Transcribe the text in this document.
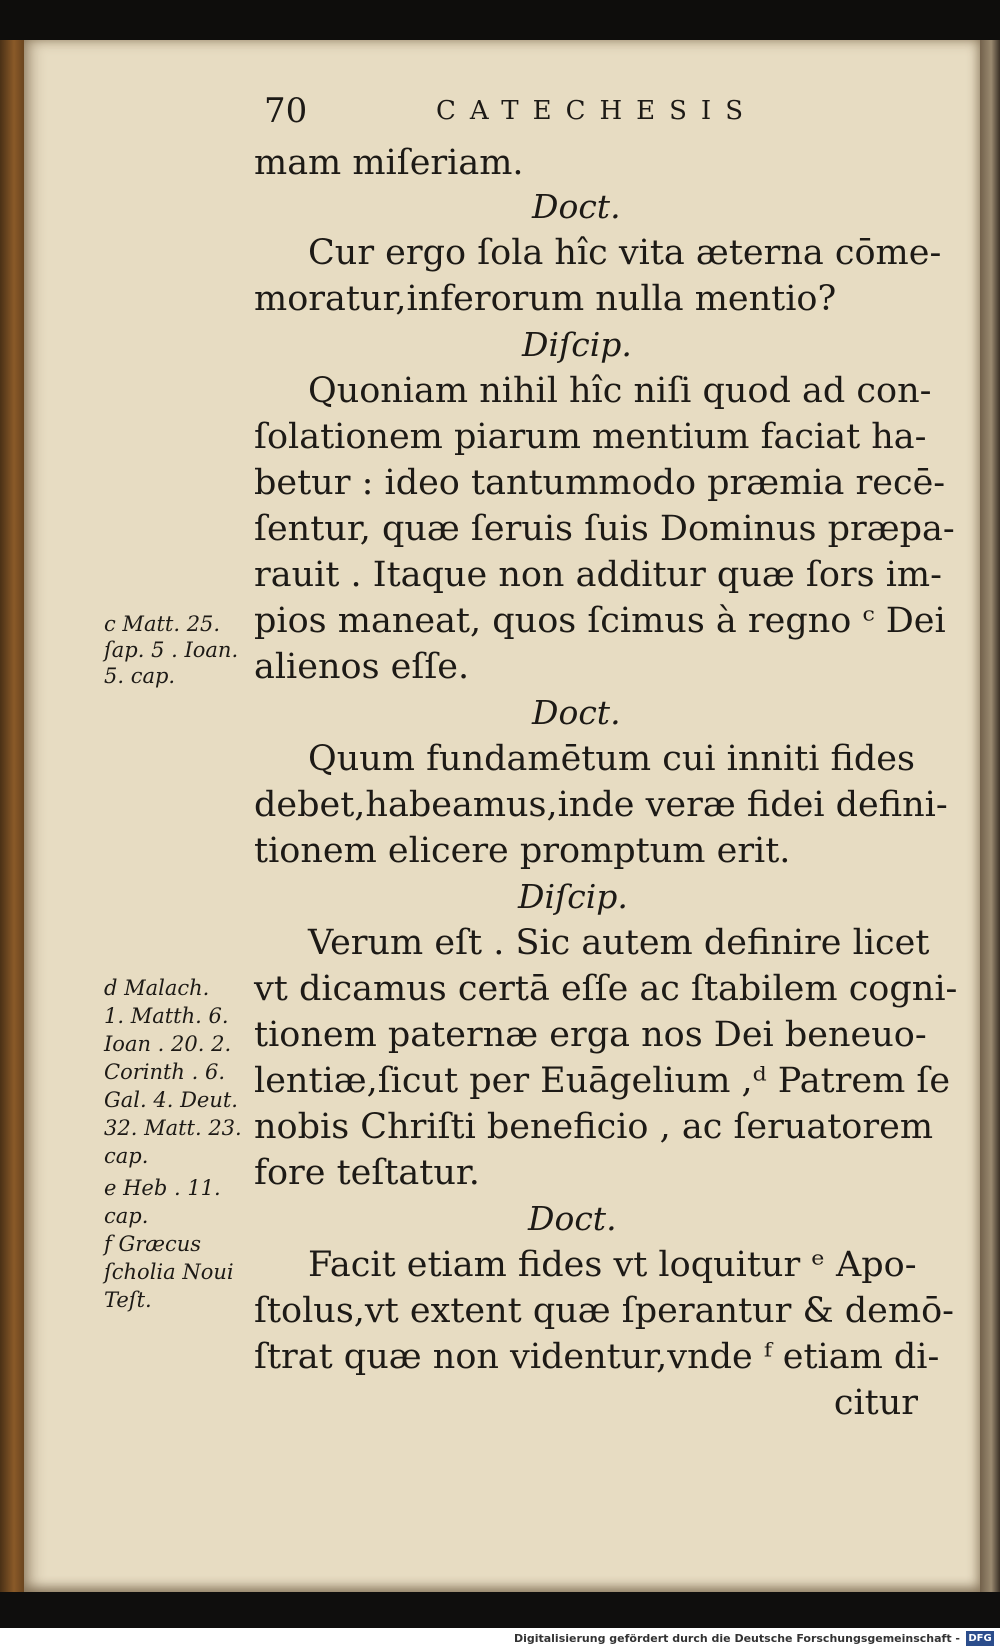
70	CATECHESIS
mam miſeriam.
Doct.
Cur ergo ſola hîc vita æterna cōme-
moratur,inferorum nulla mentio?
Diſcip.
Quoniam nihil hîc niſi quod ad con-
ſolationem piarum mentium faciat ha-
betur : ideo tantummodo præmia recē-
ſentur, quæ ſeruis ſuis Dominus præpa-
rauit . Itaque non additur quæ ſors im-
pios maneat, quos ſcimus à regno ᶜ Dei
alienos eſſe.
Doct.
Quum fundamētum cui inniti fides
debet,habeamus,inde veræ fidei defini-
tionem elicere promptum erit.
Diſcip.
Verum eſt . Sic autem definire licet
vt dicamus certā eſſe ac ſtabilem cogni-
tionem paternæ erga nos Dei beneuo-
lentiæ,ſicut per Euāgelium ,ᵈ Patrem ſe
nobis Chriſti beneficio , ac ſeruatorem
fore teſtatur.
Doct.
Facit etiam fides vt loquitur ᵉ Apo-
ſtolus,vt extent quæ ſperantur & demō-
ſtrat quæ non videntur,vnde ᶠ etiam di-
citur
c Matt. 25.
ſap. 5 . Ioan.
5. cap.
d Malach.
1. Matth. 6.
Ioan . 20. 2.
Corinth . 6.
Gal. 4. Deut.
32. Matt. 23.
cap.
e Heb . 11.
cap.
f Græcus
ſcholia Noui
Teſt.
Digitalisierung gefördert durch die Deutsche Forschungsgemeinschaft - DFG
